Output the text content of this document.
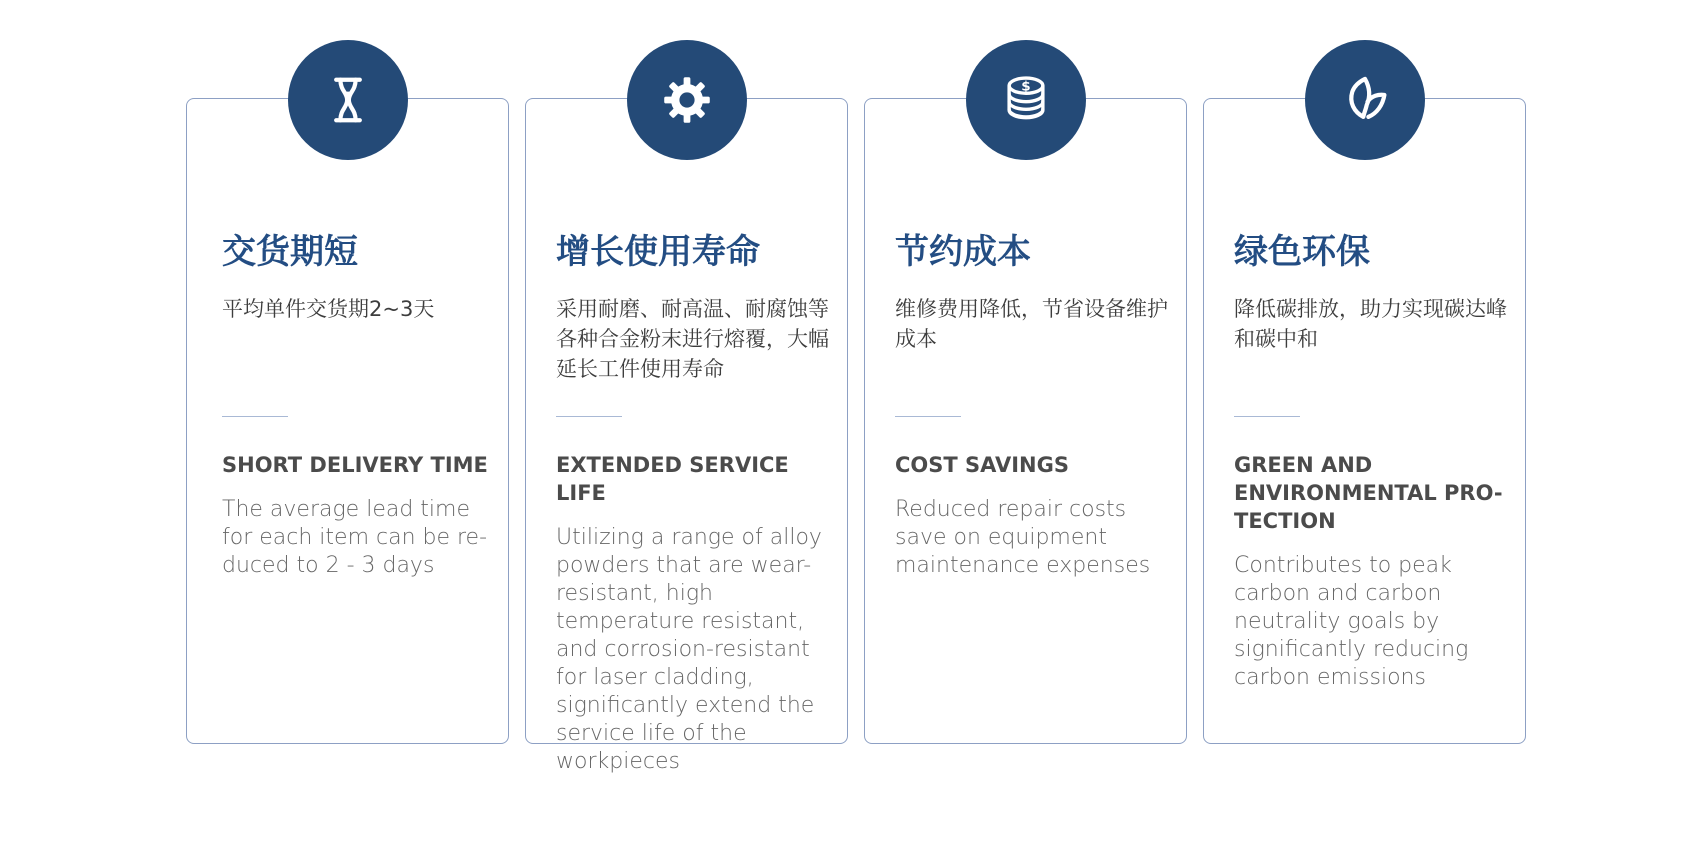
交货期短
平均单件交货期2~3天
SHORT DELIVERY TIME
The average lead time for each item can be re-duced to 2 - 3 days
增长使用寿命
采用耐磨、耐高温、耐腐蚀等各种合金粉末进行熔覆，大幅延长工件使用寿命
EXTENDED SERVICE LIFE
Utilizing a range of alloy powders that are wear-resistant, high temperature resistant, and corrosion-resistant for laser cladding, significantly extend the service life of the workpieces
$
节约成本
维修费用降低，节省设备维护成本
COST SAVINGS
Reduced repair costs save on equipment maintenance expenses
绿色环保
降低碳排放，助力实现碳达峰和碳中和
GREEN AND ENVIRONMENTAL PRO-TECTION
Contributes to peak carbon and carbon neutrality goals by significantly reducing carbon emissions
